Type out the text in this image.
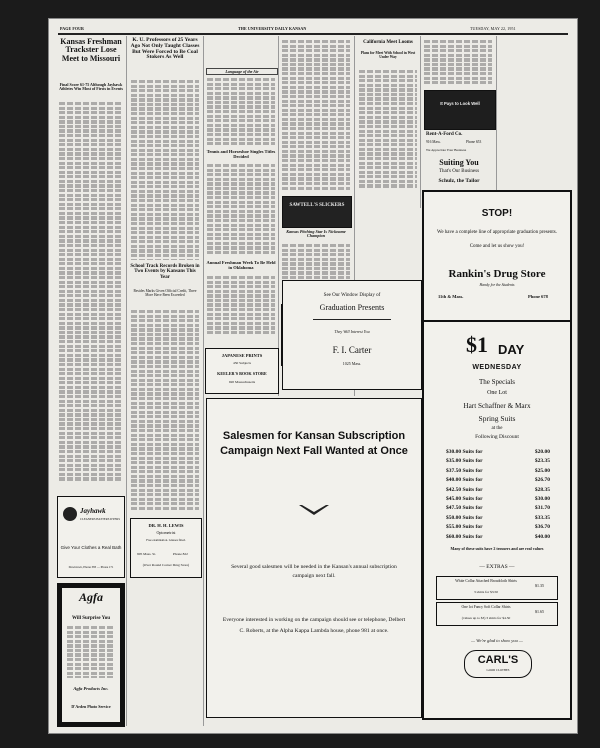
PAGE FOUR	THE UNIVERSITY DAILY KANSAN	TUESDAY, MAY 22, 1951
Kansas Freshman Trackster Lose Meet to Missouri
Final Score 61-75 Although Jayhawk Athletes Win Most of Firsts in Events

Jayhawk
CLEANERS HATTERS DYERS
Give Your Clothes a Real Bath
Downtown, Phone 383 — Phone 171
Agfa
Will Surprise You

Agfa Products Inc.
D'Arden Photo Service
K. U. Professors of 25 Years Ago Not Only Taught Classes But Were Forced to Be Coal Stokers As Well

School Track Records Broken in Two Events by Kansans This Year
Besides Marks Given Official Credit, Three More Have Been Exceeded

DR. H. H. LEWIS
Optometrist
Free examination. Glasses fitted.
905 Mass. St.	Phone 822
(Over Round Corner Drug Store)
Language of the Air

Tennis and Horseshoe Singles Titles Decided

Annual Freshman Week To Be Held in Oklahoma

JAPANESE PRINTS
450 Subjects
KEELER'S BOOK STORE
920 Massachusetts

SAWTELL'S SLICKERS
Kansas Pitching Star Is Nickname Champion

California Meet Looms
Plans for Meet With School in West Under Way

It Pays to Look Well
Rent-A-Ford Co.
916 Mass.	Phone 653
We Appreciate Your Business
Suiting You
That's Our Business
Schulz, the Tailor
See Our Window Display of
Graduation Presents
They Will Interest You
F. I. Carter
1025 Mass.
STOP!
We have a complete line of appropriate graduation presents.
Come and let us show you!
Rankin's Drug Store
Handy for the Students
11th & Mass.	Phone 678
Salesmen for Kansan Subscription Campaign Next Fall Wanted at Once
Several good salesmen will be needed in the Kansan's annual subscription campaign next fall.
Everyone interested in working on the campaign should see or telephone, Delbert C. Roberts, at the Alpha Kappa Lambda house, phone 981 at once.
$1 DAY
WEDNESDAY
The Specials
One Lot
Hart Schaffner & Marx
Spring Suits
at the
Following Discount
$30.00 Suits for	$20.00
$35.00 Suits for	$23.35
$37.50 Suits for	$25.00
$40.00 Suits for	$26.70
$42.50 Suits for	$28.35
$45.00 Suits for	$30.00
$47.50 Suits for	$31.70
$50.00 Suits for	$33.35
$55.00 Suits for	$36.70
$60.00 Suits for	$40.00
Many of these suits have 2 trousers and are real values
— EXTRAS —
White Collar Attached Broadcloth Shirts
$1.35
3 shirts for $3.50
One lot Fancy Soft Collar Shirts
$1.65
(values up to $3) 3 shirts for $4.50
— We're glad to show you —
CARL'S
GOOD CLOTHES
